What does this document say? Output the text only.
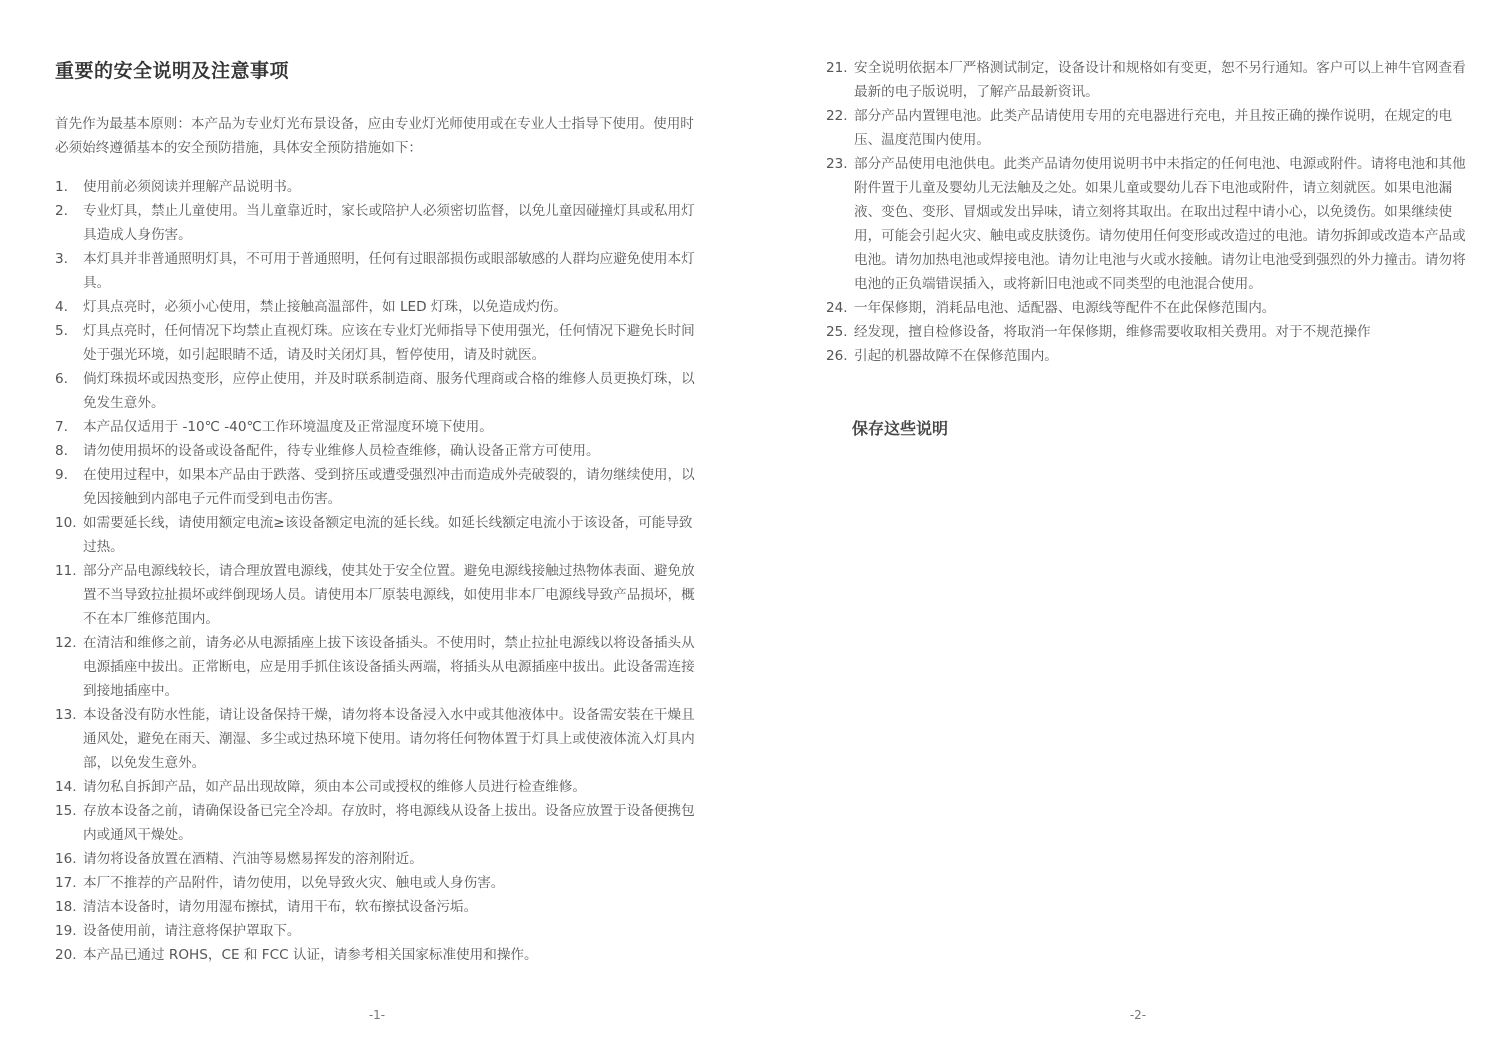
重要的安全说明及注意事项
首先作为最基本原则：本产品为专业灯光布景设备，应由专业灯光师使用或在专业人士指导下使用。使用时必须始终遵循基本的安全预防措施，具体安全预防措施如下：
1.	使用前必须阅读并理解产品说明书。
2.	专业灯具，禁止儿童使用。当儿童靠近时，家长或陪护人必须密切监督，以免儿童因碰撞灯具或私用灯具造成人身伤害。
3.	本灯具并非普通照明灯具，不可用于普通照明，任何有过眼部损伤或眼部敏感的人群均应避免使用本灯具。
4.	灯具点亮时，必须小心使用，禁止接触高温部件，如 LED 灯珠，以免造成灼伤。
5.	灯具点亮时，任何情况下均禁止直视灯珠。应该在专业灯光师指导下使用强光，任何情况下避免长时间处于强光环境，如引起眼睛不适，请及时关闭灯具，暂停使用，请及时就医。
6.	倘灯珠损坏或因热变形，应停止使用，并及时联系制造商、服务代理商或合格的维修人员更换灯珠，以免发生意外。
7.	本产品仅适用于 -10℃ -40℃工作环境温度及正常湿度环境下使用。
8.	请勿使用损坏的设备或设备配件，待专业维修人员检查维修，确认设备正常方可使用。
9.	在使用过程中，如果本产品由于跌落、受到挤压或遭受强烈冲击而造成外壳破裂的，请勿继续使用，以免因接触到内部电子元件而受到电击伤害。
10. 如需要延长线，请使用额定电流≥该设备额定电流的延长线。如延长线额定电流小于该设备，可能导致过热。
11. 部分产品电源线较长，请合理放置电源线，使其处于安全位置。避免电源线接触过热物体表面、避免放置不当导致拉扯损坏或绊倒现场人员。请使用本厂原装电源线，如使用非本厂电源线导致产品损坏，概不在本厂维修范围内。
12. 在清洁和维修之前，请务必从电源插座上拔下该设备插头。不使用时，禁止拉扯电源线以将设备插头从电源插座中拔出。正常断电，应是用手抓住该设备插头两端，将插头从电源插座中拔出。此设备需连接到接地插座中。
13. 本设备没有防水性能，请让设备保持干燥，请勿将本设备浸入水中或其他液体中。设备需安装在干燥且通风处，避免在雨天、潮湿、多尘或过热环境下使用。请勿将任何物体置于灯具上或使液体流入灯具内部，以免发生意外。
14. 请勿私自拆卸产品，如产品出现故障，须由本公司或授权的维修人员进行检查维修。
15. 存放本设备之前，请确保设备已完全冷却。存放时，将电源线从设备上拔出。设备应放置于设备便携包内或通风干燥处。
16. 请勿将设备放置在酒精、汽油等易燃易挥发的溶剂附近。
17. 本厂不推荐的产品附件，请勿使用，以免导致火灾、触电或人身伤害。
18. 清洁本设备时，请勿用湿布擦拭，请用干布，软布擦拭设备污垢。
19. 设备使用前，请注意将保护罩取下。
20. 本产品已通过 ROHS，CE 和 FCC 认证，请参考相关国家标准使用和操作。
-1-
21. 安全说明依据本厂严格测试制定，设备设计和规格如有变更，恕不另行通知。客户可以上神牛官网查看最新的电子版说明，了解产品最新资讯。
22. 部分产品内置锂电池。此类产品请使用专用的充电器进行充电，并且按正确的操作说明，在规定的电压、温度范围内使用。
23. 部分产品使用电池供电。此类产品请勿使用说明书中未指定的任何电池、电源或附件。请将电池和其他附件置于儿童及婴幼儿无法触及之处。如果儿童或婴幼儿吞下电池或附件，请立刻就医。如果电池漏液、变色、变形、冒烟或发出异味，请立刻将其取出。在取出过程中请小心，以免烫伤。如果继续使用，可能会引起火灾、触电或皮肤烫伤。请勿使用任何变形或改造过的电池。请勿拆卸或改造本产品或电池。请勿加热电池或焊接电池。请勿让电池与火或水接触。请勿让电池受到强烈的外力撞击。请勿将电池的正负端错误插入，或将新旧电池或不同类型的电池混合使用。
24. 一年保修期，消耗品电池、适配器、电源线等配件不在此保修范围内。
25. 经发现，擅自检修设备，将取消一年保修期，维修需要收取相关费用。对于不规范操作
26. 引起的机器故障不在保修范围内。
保存这些说明
-2-
